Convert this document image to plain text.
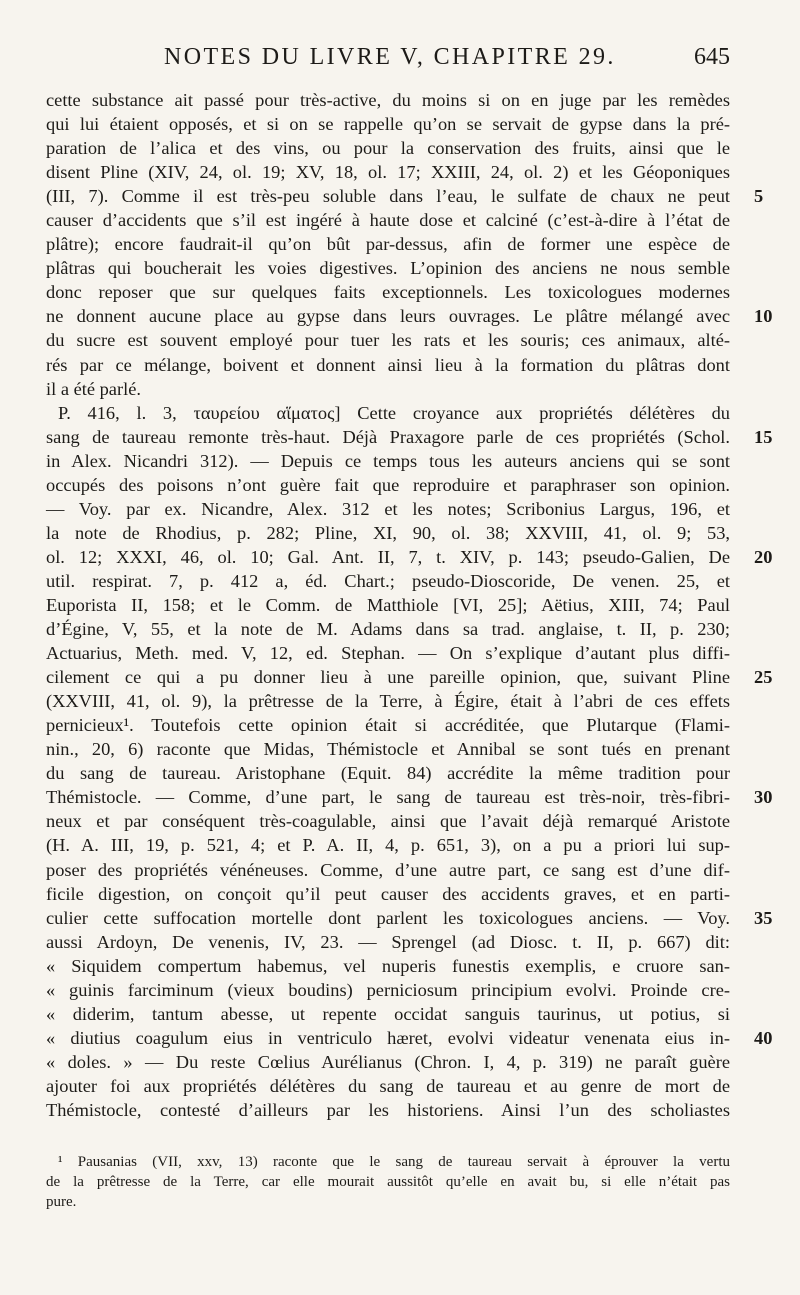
NOTES DU LIVRE V, CHAPITRE 29.	645
cette substance ait passé pour très-active, du moins si on en juge par les remèdes
qui lui étaient opposés, et si on se rappelle qu’on se servait de gypse dans la pré-
paration de l’alica et des vins, ou pour la conservation des fruits, ainsi que le
disent Pline (XIV, 24, ol. 19; XV, 18, ol. 17; XXIII, 24, ol. 2) et les Géoponiques
(III, 7). Comme il est très-peu soluble dans l’eau, le sulfate de chaux ne peut 5
causer d’accidents que s’il est ingéré à haute dose et calciné (c’est-à-dire à l’état de
plâtre); encore faudrait-il qu’on bût par-dessus, afin de former une espèce de
plâtras qui boucherait les voies digestives. L’opinion des anciens ne nous semble
donc reposer que sur quelques faits exceptionnels. Les toxicologues modernes
ne donnent aucune place au gypse dans leurs ouvrages. Le plâtre mélangé avec 10
du sucre est souvent employé pour tuer les rats et les souris; ces animaux, alté-
rés par ce mélange, boivent et donnent ainsi lieu à la formation du plâtras dont
il a été parlé.
P. 416, l. 3, ταυρείου αἵματος] Cette croyance aux propriétés délétères du
sang de taureau remonte très-haut. Déjà Praxagore parle de ces propriétés (Schol. 15
in Alex. Nicandri 312). — Depuis ce temps tous les auteurs anciens qui se sont
occupés des poisons n’ont guère fait que reproduire et paraphraser son opinion.
— Voy. par ex. Nicandre, Alex. 312 et les notes; Scribonius Largus, 196, et
la note de Rhodius, p. 282; Pline, XI, 90, ol. 38; XXVIII, 41, ol. 9; 53,
ol. 12; XXXI, 46, ol. 10; Gal. Ant. II, 7, t. XIV, p. 143; pseudo-Galien, De 20
util. respirat. 7, p. 412 a, éd. Chart.; pseudo-Dioscoride, De venen. 25, et
Euporista II, 158; et le Comm. de Matthiole [VI, 25]; Aëtius, XIII, 74; Paul
d’Égine, V, 55, et la note de M. Adams dans sa trad. anglaise, t. II, p. 230;
Actuarius, Meth. med. V, 12, ed. Stephan. — On s’explique d’autant plus diffi-
cilement ce qui a pu donner lieu à une pareille opinion, que, suivant Pline 25
(XXVIII, 41, ol. 9), la prêtresse de la Terre, à Égire, était à l’abri de ces effets
pernicieux¹. Toutefois cette opinion était si accréditée, que Plutarque (Flami-
nin., 20, 6) raconte que Midas, Thémistocle et Annibal se sont tués en prenant
du sang de taureau. Aristophane (Equit. 84) accrédite la même tradition pour
Thémistocle. — Comme, d’une part, le sang de taureau est très-noir, très-fibri- 30
neux et par conséquent très-coagulable, ainsi que l’avait déjà remarqué Aristote
(H. A. III, 19, p. 521, 4; et P. A. II, 4, p. 651, 3), on a pu a priori lui sup-
poser des propriétés vénéneuses. Comme, d’une autre part, ce sang est d’une dif-
ficile digestion, on conçoit qu’il peut causer des accidents graves, et en parti-
culier cette suffocation mortelle dont parlent les toxicologues anciens. — Voy. 35
aussi Ardoyn, De venenis, IV, 23. — Sprengel (ad Diosc. t. II, p. 667) dit:
« Siquidem compertum habemus, vel nuperis funestis exemplis, e cruore san-
« guinis farciminum (vieux boudins) perniciosum principium evolvi. Proinde cre-
« diderim, tantum abesse, ut repente occidat sanguis taurinus, ut potius, si
« diutius coagulum eius in ventriculo hæret, evolvi videatur venenata eius in- 40
« doles. » — Du reste Cœlius Aurélianus (Chron. I, 4, p. 319) ne paraît guère
ajouter foi aux propriétés délétères du sang de taureau et au genre de mort de
Thémistocle, contesté d’ailleurs par les historiens. Ainsi l’un des scholiastes
¹ Pausanias (VII, xxv, 13) raconte que le sang de taureau servait à éprouver la vertu
de la prêtresse de la Terre, car elle mourait aussitôt qu’elle en avait bu, si elle n’était pas
pure.
